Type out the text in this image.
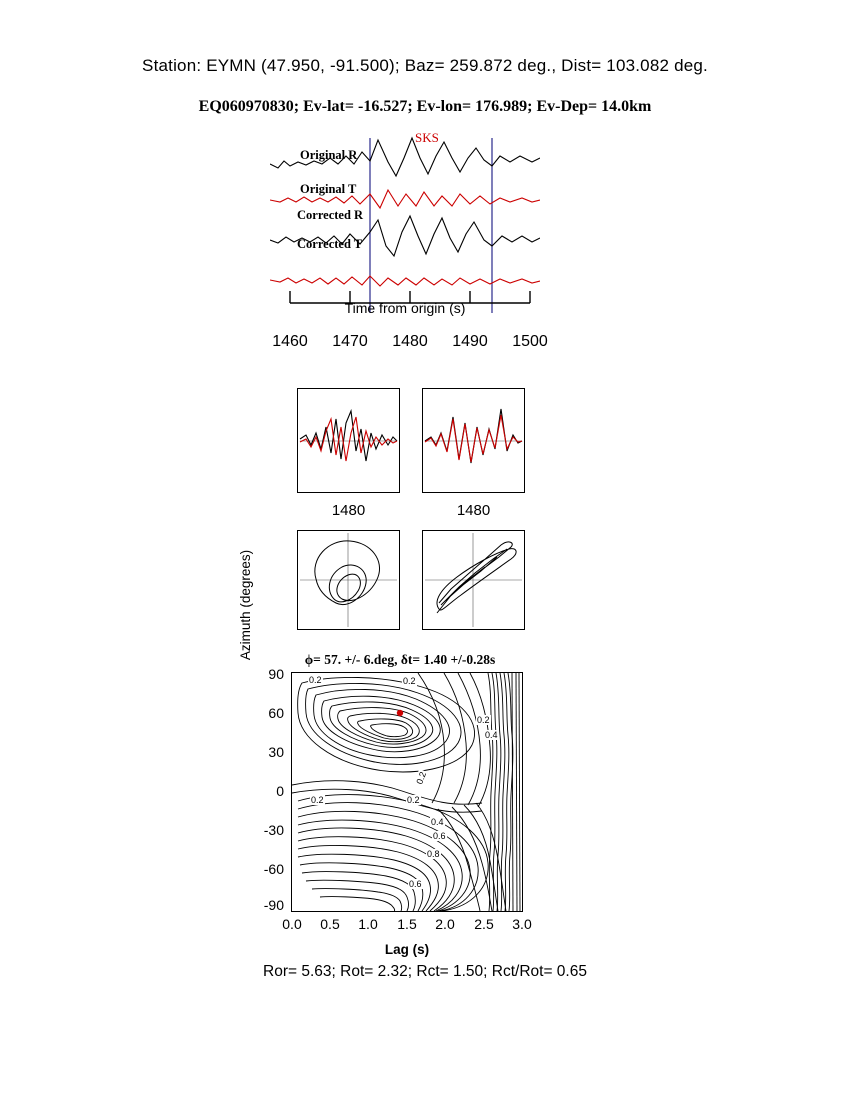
Station: EYMN (47.950, -91.500); Baz= 259.872 deg., Dist= 103.082 deg.
EQ060970830; Ev-lat= -16.527; Ev-lon= 176.989; Ev-Dep= 14.0km
Original R
Original T
Corrected R
Corrected T
SKS
Time from origin (s)
1460 1470 1480 1490 1500
1480	1480
ϕ= 57. +/- 6.deg, δt= 1.40 +/-0.28s
Azimuth (degrees)
0.2	0.2
0.2
0.4
0.2
0.2	0.2
0.4
0.6
0.8
0.6
90
60
30
0
-30
-60
-90
0.0	0.5	1.0	1.5	2.0	2.5	3.0
Lag (s)
Ror= 5.63; Rot= 2.32; Rct= 1.50; Rct/Rot= 0.65
